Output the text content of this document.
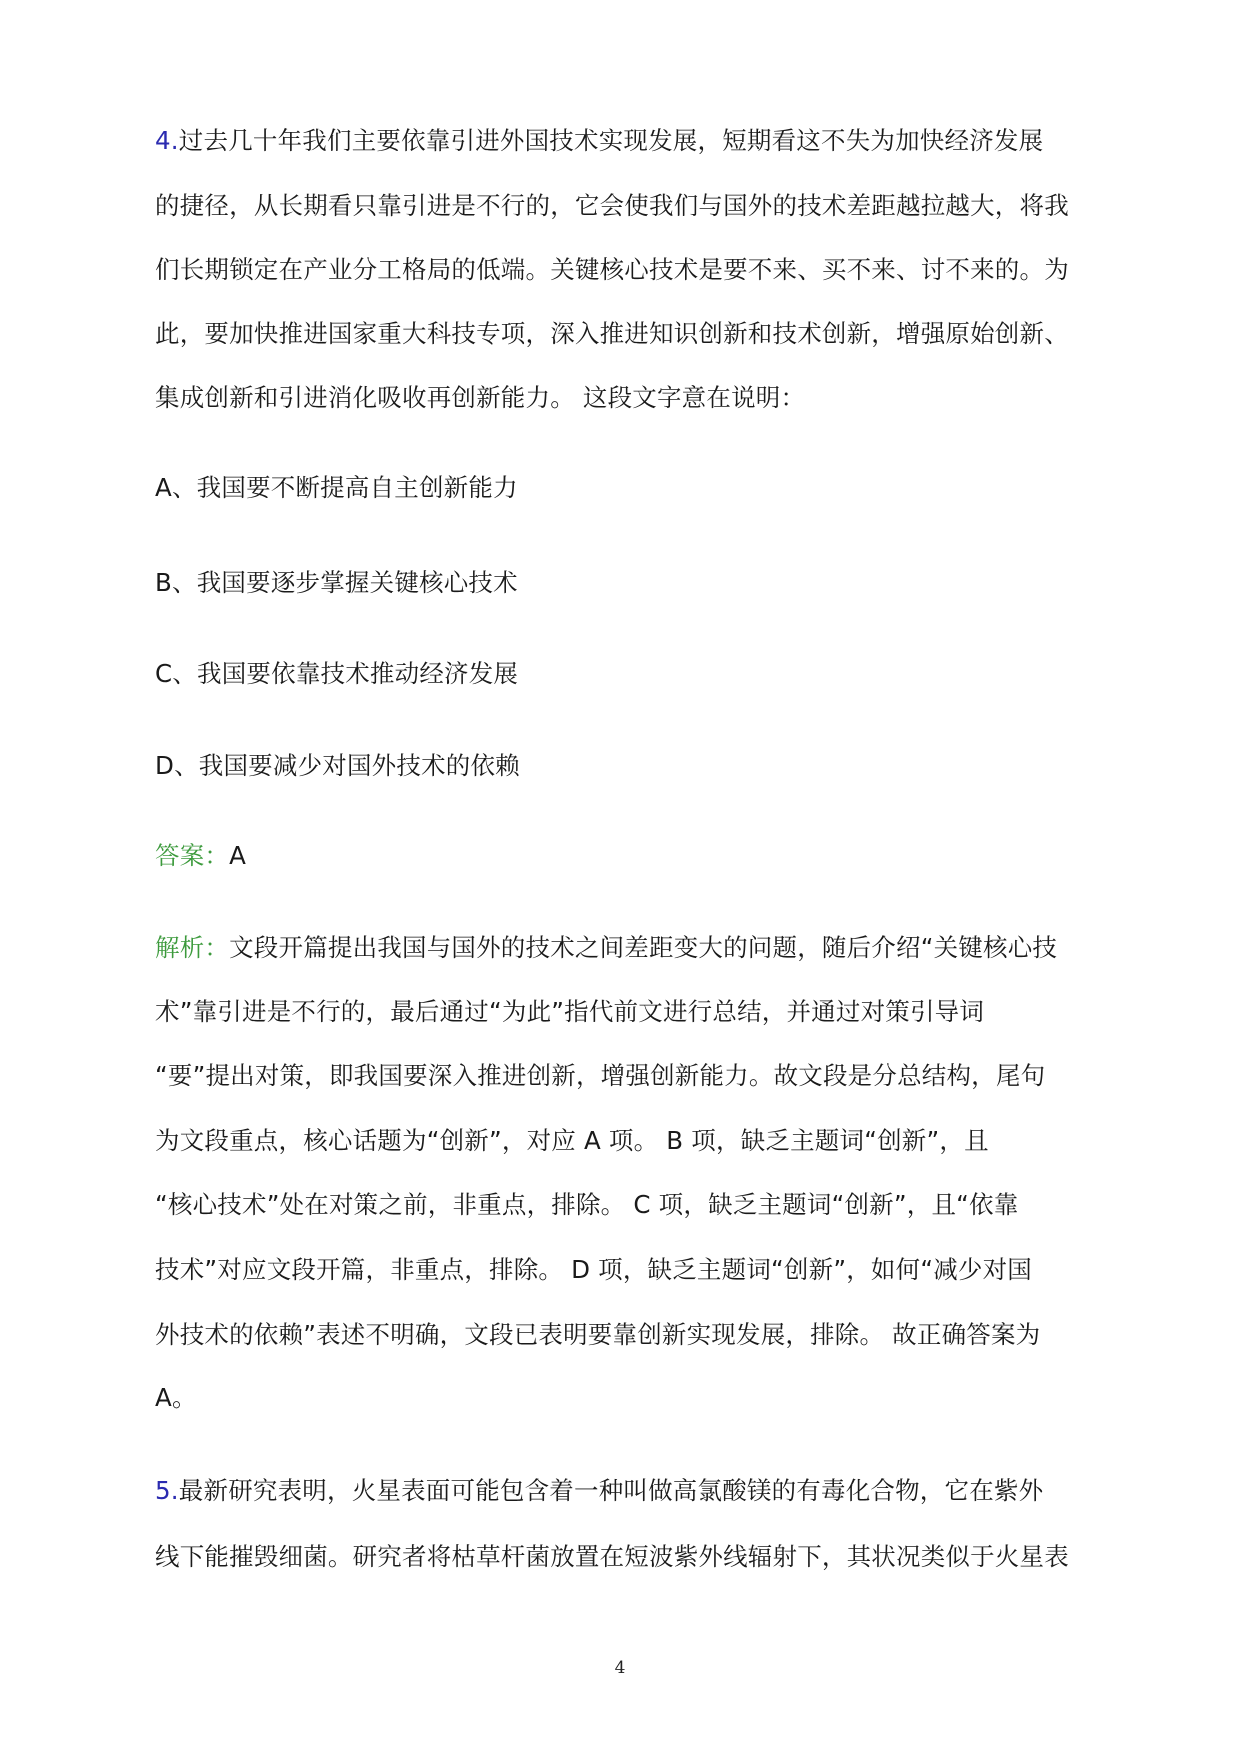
4.过去几十年我们主要依靠引进外国技术实现发展，短期看这不失为加快经济发展
的捷径，从长期看只靠引进是不行的，它会使我们与国外的技术差距越拉越大，将我
们长期锁定在产业分工格局的低端。关键核心技术是要不来、买不来、讨不来的。为
此，要加快推进国家重大科技专项，深入推进知识创新和技术创新，增强原始创新、
集成创新和引进消化吸收再创新能力。 这段文字意在说明：
A、我国要不断提高自主创新能力
B、我国要逐步掌握关键核心技术
C、我国要依靠技术推动经济发展
D、我国要减少对国外技术的依赖
答案：A
解析：文段开篇提出我国与国外的技术之间差距变大的问题，随后介绍“关键核心技
术”靠引进是不行的，最后通过“为此”指代前文进行总结，并通过对策引导词
“要”提出对策，即我国要深入推进创新，增强创新能力。故文段是分总结构，尾句
为文段重点，核心话题为“创新”，对应 A 项。 B 项，缺乏主题词“创新”，且
“核心技术”处在对策之前，非重点，排除。 C 项，缺乏主题词“创新”，且“依靠
技术”对应文段开篇，非重点，排除。 D 项，缺乏主题词“创新”，如何“减少对国
外技术的依赖”表述不明确，文段已表明要靠创新实现发展，排除。 故正确答案为
A。
5.最新研究表明，火星表面可能包含着一种叫做高氯酸镁的有毒化合物，它在紫外
线下能摧毁细菌。研究者将枯草杆菌放置在短波紫外线辐射下，其状况类似于火星表
4
